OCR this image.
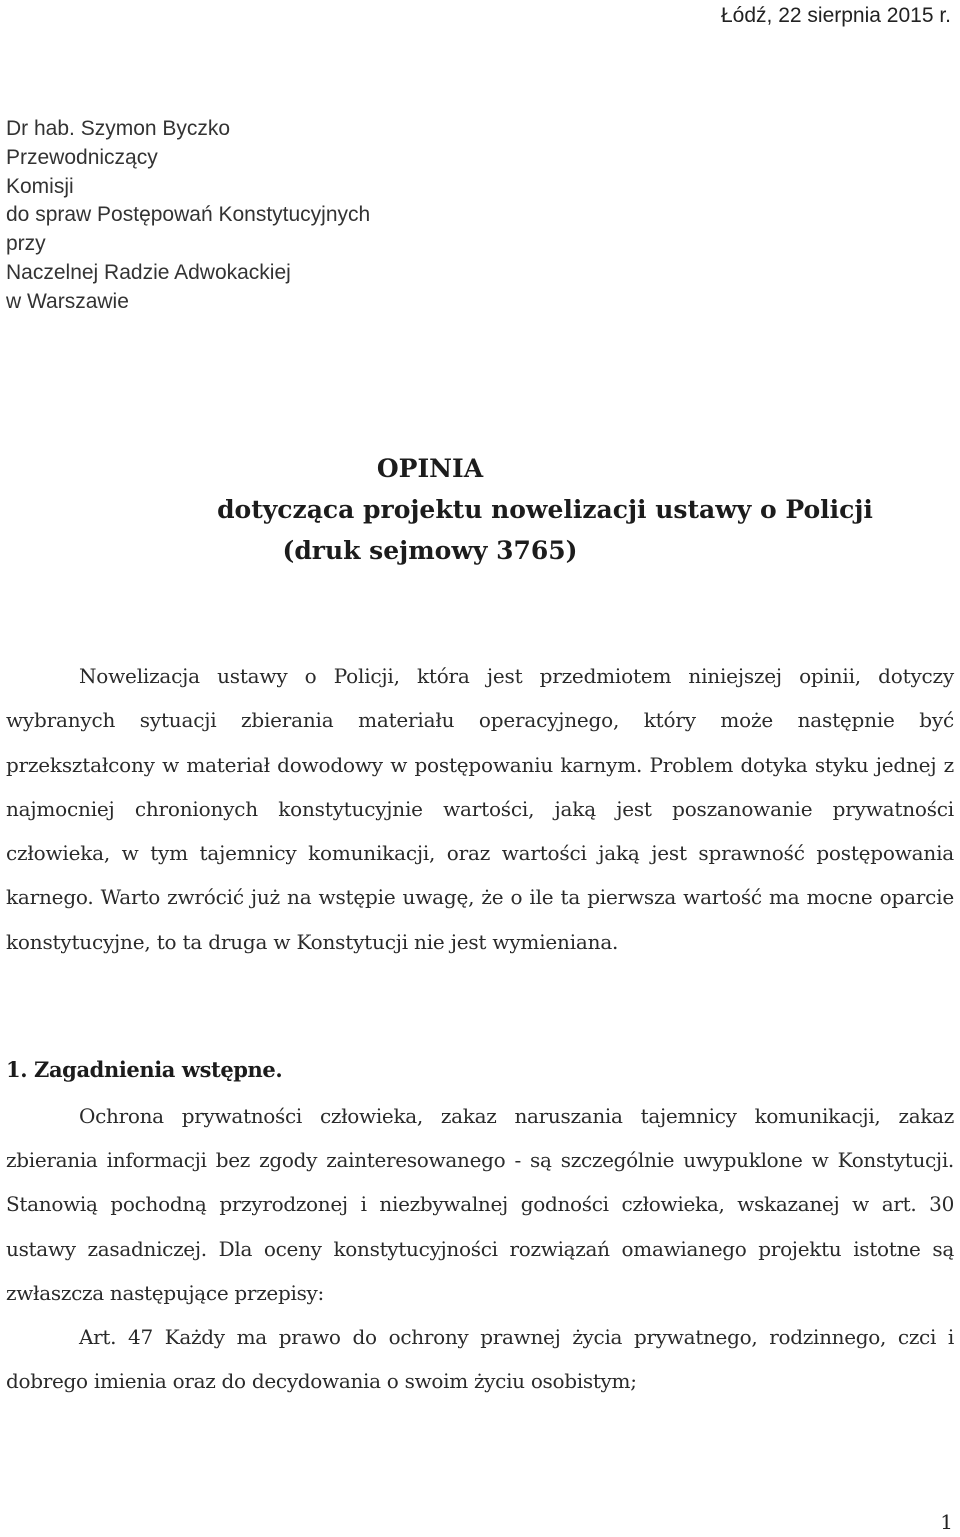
Łódź, 22 sierpnia 2015 r.
Dr hab. Szymon Byczko
Przewodniczący
Komisji
do spraw Postępowań Konstytucyjnych
przy
Naczelnej Radzie Adwokackiej
w Warszawie
OPINIA
dotycząca projektu nowelizacji ustawy o Policji
(druk sejmowy 3765)
Nowelizacja ustawy o Policji, która jest przedmiotem niniejszej opinii, dotyczy wybranych sytuacji zbierania materiału operacyjnego, który może następnie być przekształcony w materiał dowodowy w postępowaniu karnym. Problem dotyka styku jednej z najmocniej chronionych konstytucyjnie wartości, jaką jest poszanowanie prywatności człowieka, w tym tajemnicy komunikacji, oraz wartości jaką jest sprawność postępowania karnego. Warto zwrócić już na wstępie uwagę, że o ile ta pierwsza wartość ma mocne oparcie konstytucyjne, to ta druga w Konstytucji nie jest wymieniana.
1. Zagadnienia wstępne.
Ochrona prywatności człowieka, zakaz naruszania tajemnicy komunikacji, zakaz zbierania informacji bez zgody zainteresowanego - są szczególnie uwypuklone w Konstytucji. Stanowią pochodną przyrodzonej i niezbywalnej godności człowieka, wskazanej w art. 30 ustawy zasadniczej. Dla oceny konstytucyjności rozwiązań omawianego projektu istotne są zwłaszcza następujące przepisy:
Art. 47 Każdy ma prawo do ochrony prawnej życia prywatnego, rodzinnego, czci i dobrego imienia oraz do decydowania o swoim życiu osobistym;
1
